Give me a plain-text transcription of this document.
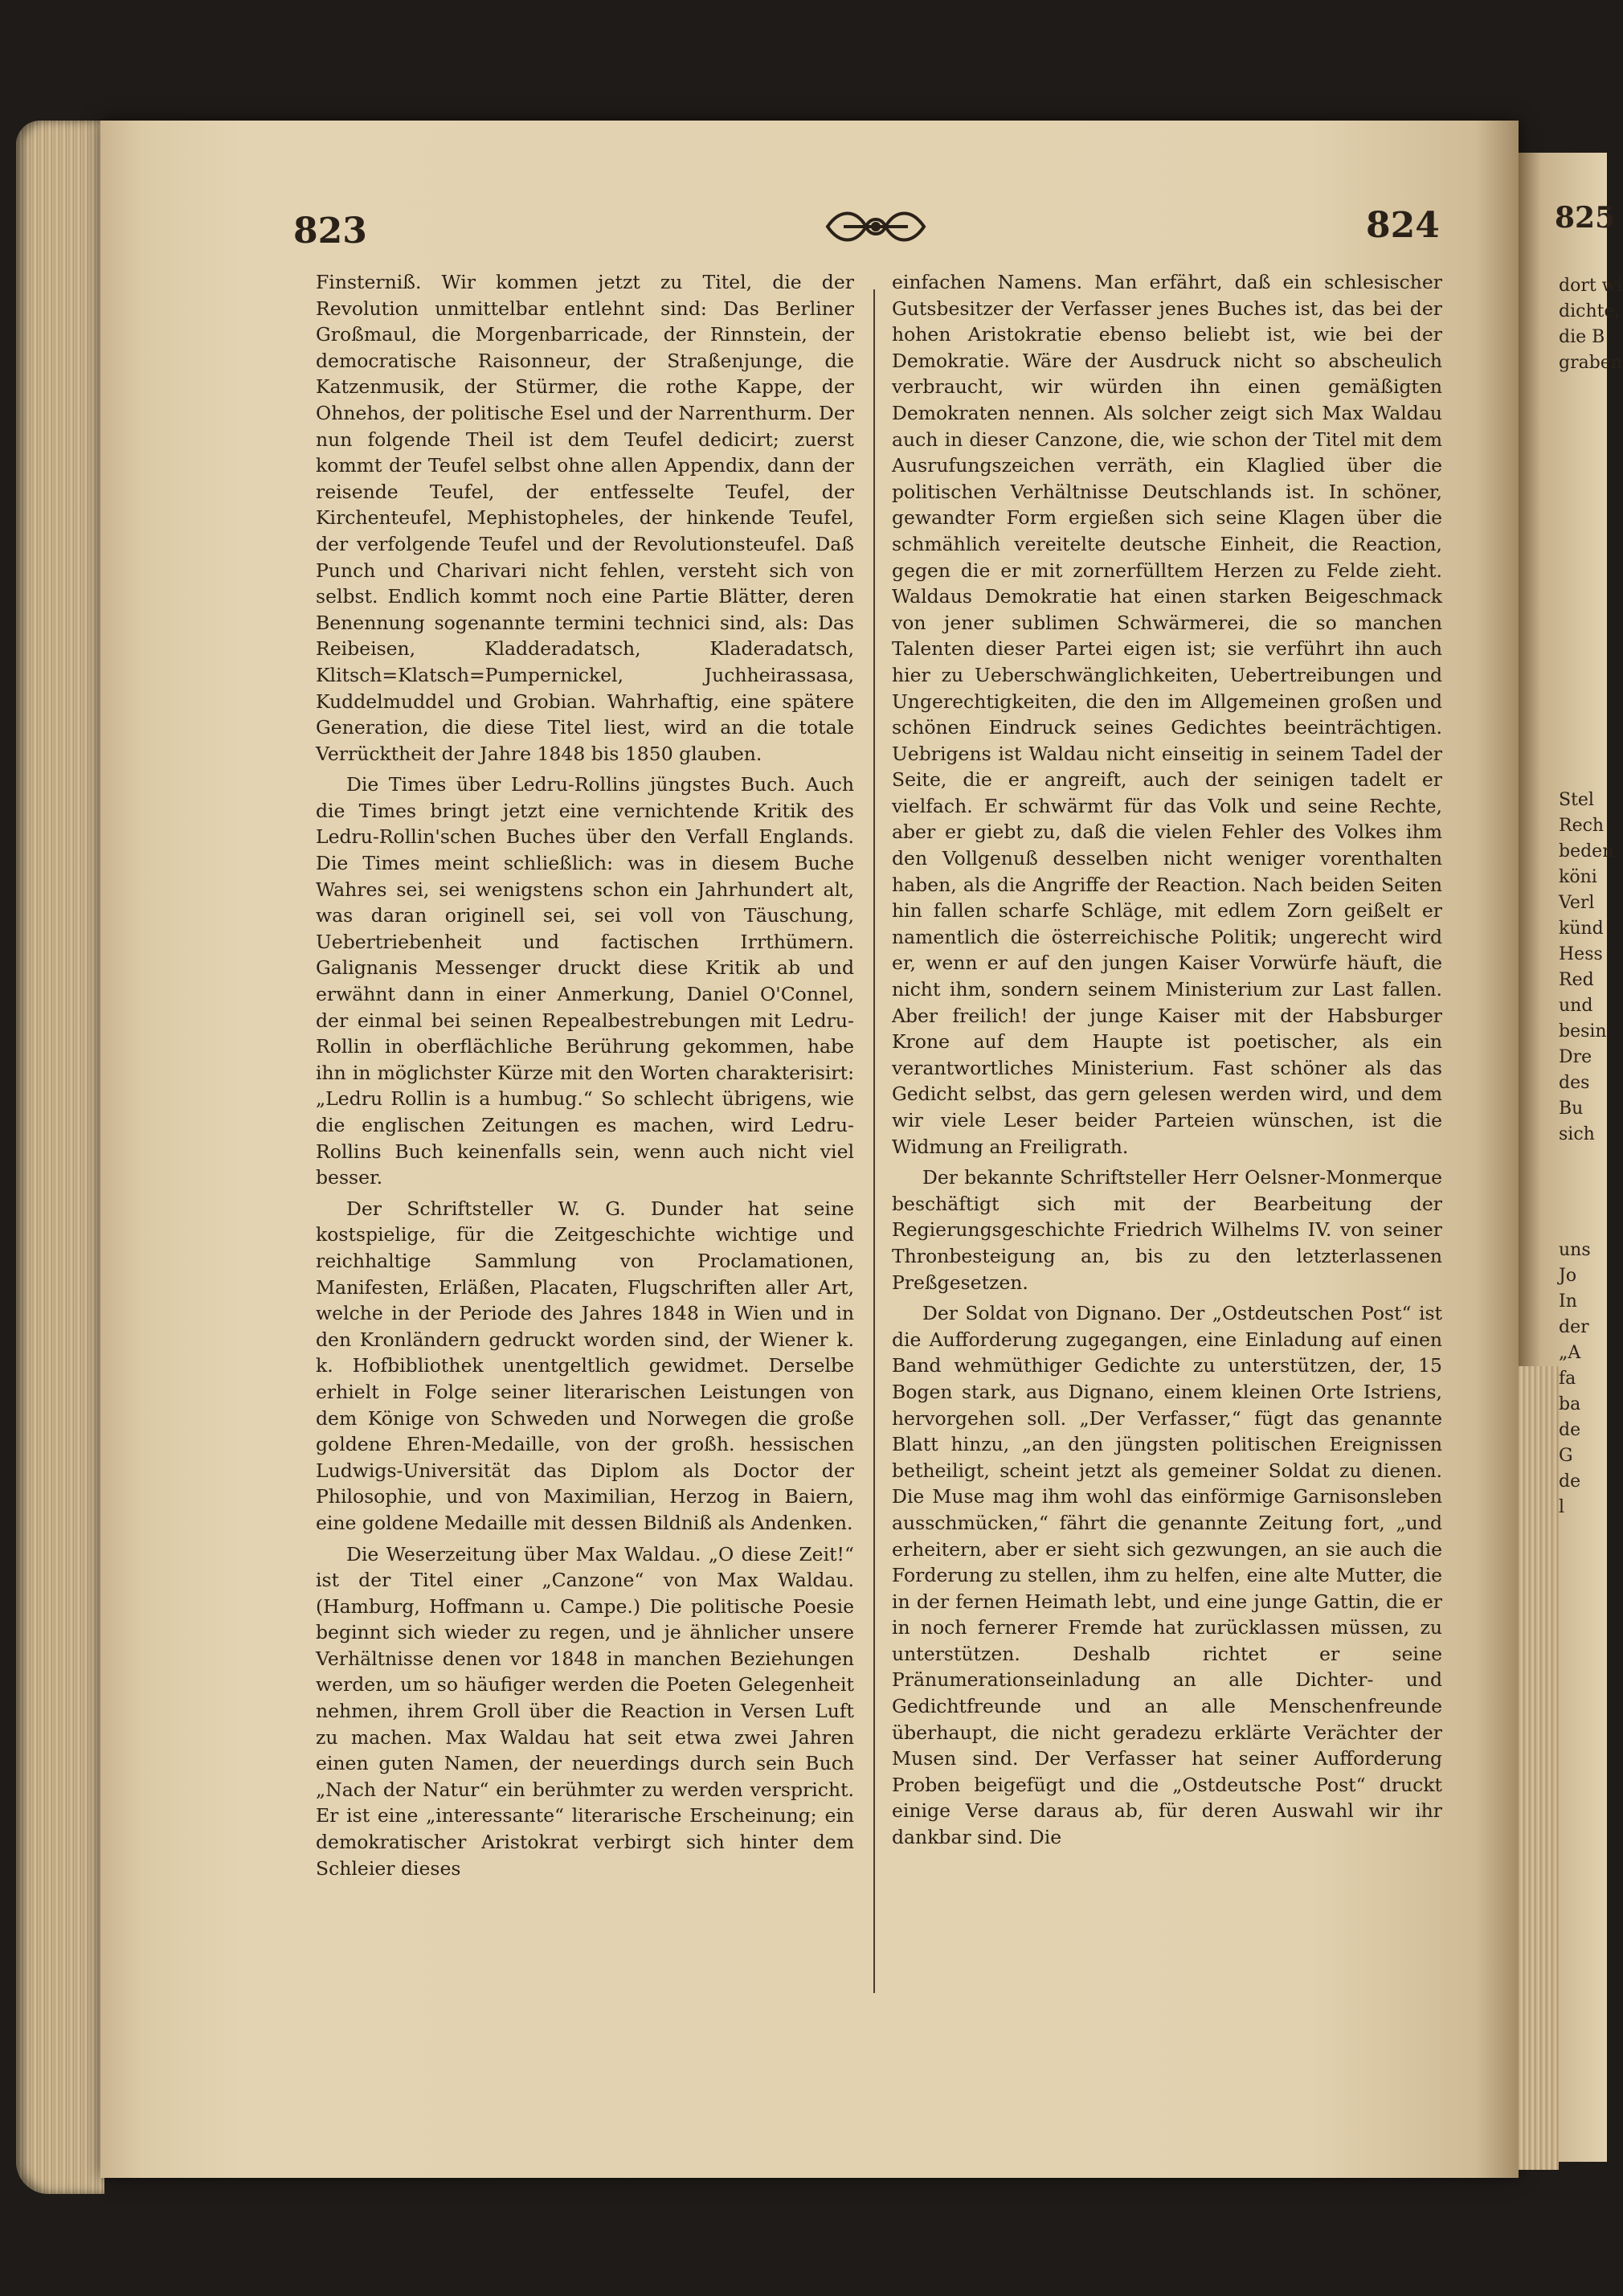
823	824	825

Finsterniß. Wir kommen jetzt zu Titel, die der Revolution unmittelbar entlehnt sind: Das Berliner Großmaul, die Morgenbarricade, der Rinnstein, der democratische Raisonneur, der Straßenjunge, die Katzenmusik, der Stürmer, die rothe Kappe, der Ohnehos, der politische Esel und der Narrenthurm. Der nun folgende Theil ist dem Teufel dedicirt; zuerst kommt der Teufel selbst ohne allen Appendix, dann der reisende Teufel, der entfesselte Teufel, der Kirchenteufel, Mephistopheles, der hinkende Teufel, der verfolgende Teufel und der Revolutionsteufel. Daß Punch und Charivari nicht fehlen, versteht sich von selbst. Endlich kommt noch eine Partie Blätter, deren Benennung sogenannte termini technici sind, als: Das Reibeisen, Kladderadatsch, Kladeradatsch, Klitsch=Klatsch=Pumpernickel, Juchheirassasa, Kuddelmuddel und Grobian. Wahrhaftig, eine spätere Generation, die diese Titel liest, wird an die totale Verrücktheit der Jahre 1848 bis 1850 glauben.

Die Times über Ledru-Rollins jüngstes Buch. Auch die Times bringt jetzt eine vernichtende Kritik des Ledru-Rollin'schen Buches über den Verfall Englands. Die Times meint schließlich: was in diesem Buche Wahres sei, sei wenigstens schon ein Jahrhundert alt, was daran originell sei, sei voll von Täuschung, Uebertriebenheit und factischen Irrthümern. Galignanis Messenger druckt diese Kritik ab und erwähnt dann in einer Anmerkung, Daniel O'Connel, der einmal bei seinen Repealbestrebungen mit Ledru-Rollin in oberflächliche Berührung gekommen, habe ihn in möglichster Kürze mit den Worten charakterisirt: „Ledru Rollin is a humbug.“ So schlecht übrigens, wie die englischen Zeitungen es machen, wird Ledru-Rollins Buch keinenfalls sein, wenn auch nicht viel besser.

Der Schriftsteller W. G. Dunder hat seine kostspielige, für die Zeitgeschichte wichtige und reichhaltige Sammlung von Proclamationen, Manifesten, Erläßen, Placaten, Flugschriften aller Art, welche in der Periode des Jahres 1848 in Wien und in den Kronländern gedruckt worden sind, der Wiener k. k. Hofbibliothek unentgeltlich gewidmet. Derselbe erhielt in Folge seiner literarischen Leistungen von dem Könige von Schweden und Norwegen die große goldene Ehren-Medaille, von der großh. hessischen Ludwigs-Universität das Diplom als Doctor der Philosophie, und von Maximilian, Herzog in Baiern, eine goldene Medaille mit dessen Bildniß als Andenken.

Die Weserzeitung über Max Waldau. „O diese Zeit!“ ist der Titel einer „Canzone“ von Max Waldau. (Hamburg, Hoffmann u. Campe.) Die politische Poesie beginnt sich wieder zu regen, und je ähnlicher unsere Verhältnisse denen vor 1848 in manchen Beziehungen werden, um so häufiger werden die Poeten Gelegenheit nehmen, ihrem Groll über die Reaction in Versen Luft zu machen. Max Waldau hat seit etwa zwei Jahren einen guten Namen, der neuerdings durch sein Buch „Nach der Natur“ ein berühmter zu werden verspricht. Er ist eine „interessante“ literarische Erscheinung; ein demokratischer Aristokrat verbirgt sich hinter dem Schleier dieses

einfachen Namens. Man erfährt, daß ein schlesischer Gutsbesitzer der Verfasser jenes Buches ist, das bei der hohen Aristokratie ebenso beliebt ist, wie bei der Demokratie. Wäre der Ausdruck nicht so abscheulich verbraucht, wir würden ihn einen gemäßigten Demokraten nennen. Als solcher zeigt sich Max Waldau auch in dieser Canzone, die, wie schon der Titel mit dem Ausrufungszeichen verräth, ein Klaglied über die politischen Verhältnisse Deutschlands ist. In schöner, gewandter Form ergießen sich seine Klagen über die schmählich vereitelte deutsche Einheit, die Reaction, gegen die er mit zornerfülltem Herzen zu Felde zieht. Waldaus Demokratie hat einen starken Beigeschmack von jener sublimen Schwärmerei, die so manchen Talenten dieser Partei eigen ist; sie verführt ihn auch hier zu Ueberschwänglichkeiten, Uebertreibungen und Ungerechtigkeiten, die den im Allgemeinen großen und schönen Eindruck seines Gedichtes beeinträchtigen. Uebrigens ist Waldau nicht einseitig in seinem Tadel der Seite, die er angreift, auch der seinigen tadelt er vielfach. Er schwärmt für das Volk und seine Rechte, aber er giebt zu, daß die vielen Fehler des Volkes ihm den Vollgenuß desselben nicht weniger vorenthalten haben, als die Angriffe der Reaction. Nach beiden Seiten hin fallen scharfe Schläge, mit edlem Zorn geißelt er namentlich die österreichische Politik; ungerecht wird er, wenn er auf den jungen Kaiser Vorwürfe häuft, die nicht ihm, sondern seinem Ministerium zur Last fallen. Aber freilich! der junge Kaiser mit der Habsburger Krone auf dem Haupte ist poetischer, als ein verantwortliches Ministerium. Fast schöner als das Gedicht selbst, das gern gelesen werden wird, und dem wir viele Leser beider Parteien wünschen, ist die Widmung an Freiligrath.

Der bekannte Schriftsteller Herr Oelsner-Monmerque beschäftigt sich mit der Bearbeitung der Regierungsgeschichte Friedrich Wilhelms IV. von seiner Thronbesteigung an, bis zu den letzterlassenen Preßgesetzen.

Der Soldat von Dignano. Der „Ostdeutschen Post“ ist die Aufforderung zugegangen, eine Einladung auf einen Band wehmüthiger Gedichte zu unterstützen, der, 15 Bogen stark, aus Dignano, einem kleinen Orte Istriens, hervorgehen soll. „Der Verfasser,“ fügt das genannte Blatt hinzu, „an den jüngsten politischen Ereignissen betheiligt, scheint jetzt als gemeiner Soldat zu dienen. Die Muse mag ihm wohl das einförmige Garnisonsleben ausschmücken,“ fährt die genannte Zeitung fort, „und erheitern, aber er sieht sich gezwungen, an sie auch die Forderung zu stellen, ihm zu helfen, eine alte Mutter, die in der fernen Heimath lebt, und eine junge Gattin, die er in noch fernerer Fremde hat zurücklassen müssen, zu unterstützen. Deshalb richtet er seine Pränumerationseinladung an alle Dichter- und Gedichtfreunde und an alle Menschenfreunde überhaupt, die nicht geradezu erklärte Verächter der Musen sind. Der Verfasser hat seiner Aufforderung Proben beigefügt und die „Ostdeutsche Post“ druckt einige Verse daraus ab, für deren Auswahl wir ihr dankbar sind. Die

dort wi
dichte,
die B
graben
Stel
Rech
beden
köni
Verl
künd
Hess
Red
und
besin
Dre
des
Bu
sich
uns
Jo
In
der
„A
fa
ba
de
G
de
l
